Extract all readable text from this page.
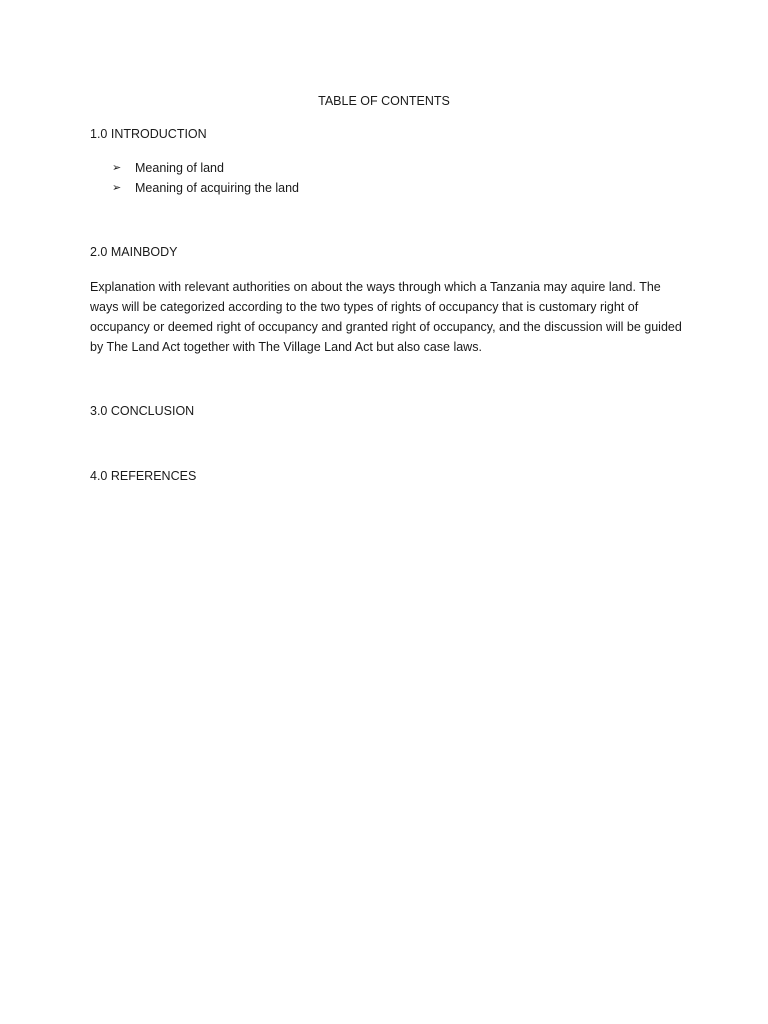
TABLE OF CONTENTS
1.0 INTRODUCTION
➢	Meaning of land
➢	Meaning of acquiring the land
2.0 MAINBODY

Explanation with relevant authorities on about the ways through which a Tanzania may aquire land. The ways will be categorized according to the two types of rights of occupancy that is customary right of occupancy or deemed right of occupancy and granted right of occupancy, and the discussion will be guided by The Land Act together with The Village Land Act but also case laws.

3.0 CONCLUSION
4.0 REFERENCES
